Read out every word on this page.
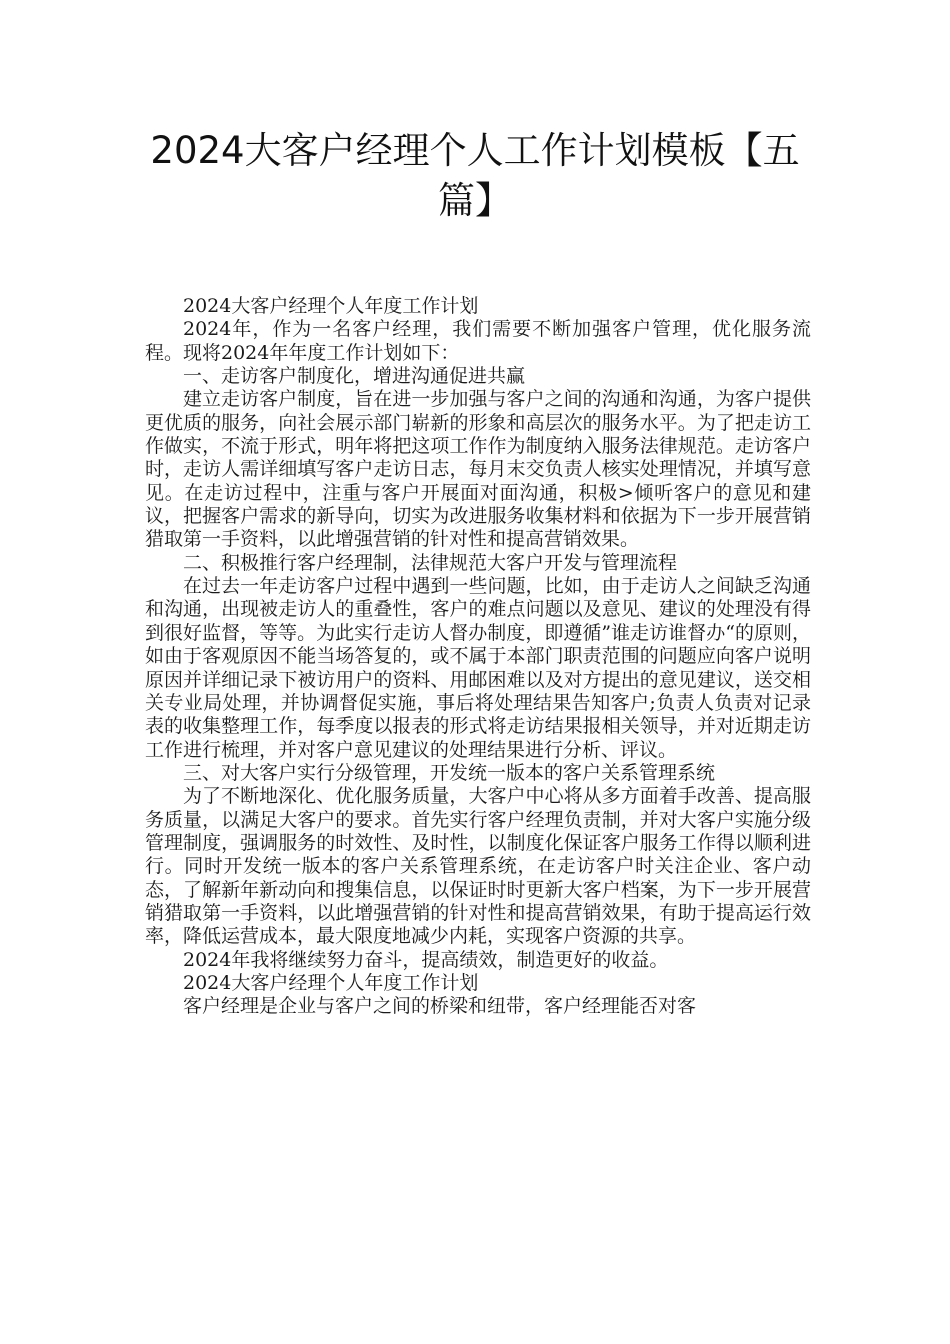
2024大客户经理个人工作计划模板【五篇】

2024大客户经理个人年度工作计划

2024年，作为一名客户经理，我们需要不断加强客户管理，优化服务流程。现将2024年年度工作计划如下：

一、走访客户制度化，增进沟通促进共赢

建立走访客户制度，旨在进一步加强与客户之间的沟通和沟通，为客户提供更优质的服务，向社会展示部门崭新的形象和高层次的服务水平。为了把走访工作做实，不流于形式，明年将把这项工作作为制度纳入服务法律规范。走访客户时，走访人需详细填写客户走访日志，每月末交负责人核实处理情况，并填写意见。在走访过程中，注重与客户开展面对面沟通，积极>倾听客户的意见和建议，把握客户需求的新导向，切实为改进服务收集材料和依据为下一步开展营销猎取第一手资料，以此增强营销的针对性和提高营销效果。

二、积极推行客户经理制，法律规范大客户开发与管理流程

在过去一年走访客户过程中遇到一些问题，比如，由于走访人之间缺乏沟通和沟通，出现被走访人的重叠性，客户的难点问题以及意见、建议的处理没有得到很好监督，等等。为此实行走访人督办制度，即遵循”谁走访谁督办“的原则，如由于客观原因不能当场答复的，或不属于本部门职责范围的问题应向客户说明原因并详细记录下被访用户的资料、用邮困难以及对方提出的意见建议，送交相关专业局处理，并协调督促实施，事后将处理结果告知客户;负责人负责对记录表的收集整理工作，每季度以报表的形式将走访结果报相关领导，并对近期走访工作进行梳理，并对客户意见建议的处理结果进行分析、评议。

三、对大客户实行分级管理，开发统一版本的客户关系管理系统

为了不断地深化、优化服务质量，大客户中心将从多方面着手改善、提高服务质量，以满足大客户的要求。首先实行客户经理负责制，并对大客户实施分级管理制度，强调服务的时效性、及时性，以制度化保证客户服务工作得以顺利进行。同时开发统一版本的客户关系管理系统，在走访客户时关注企业、客户动态，了解新年新动向和搜集信息，以保证时时更新大客户档案，为下一步开展营销猎取第一手资料，以此增强营销的针对性和提高营销效果，有助于提高运行效率，降低运营成本，最大限度地减少内耗，实现客户资源的共享。

2024年我将继续努力奋斗，提高绩效，制造更好的收益。

2024大客户经理个人年度工作计划

客户经理是企业与客户之间的桥梁和纽带，客户经理能否对客
